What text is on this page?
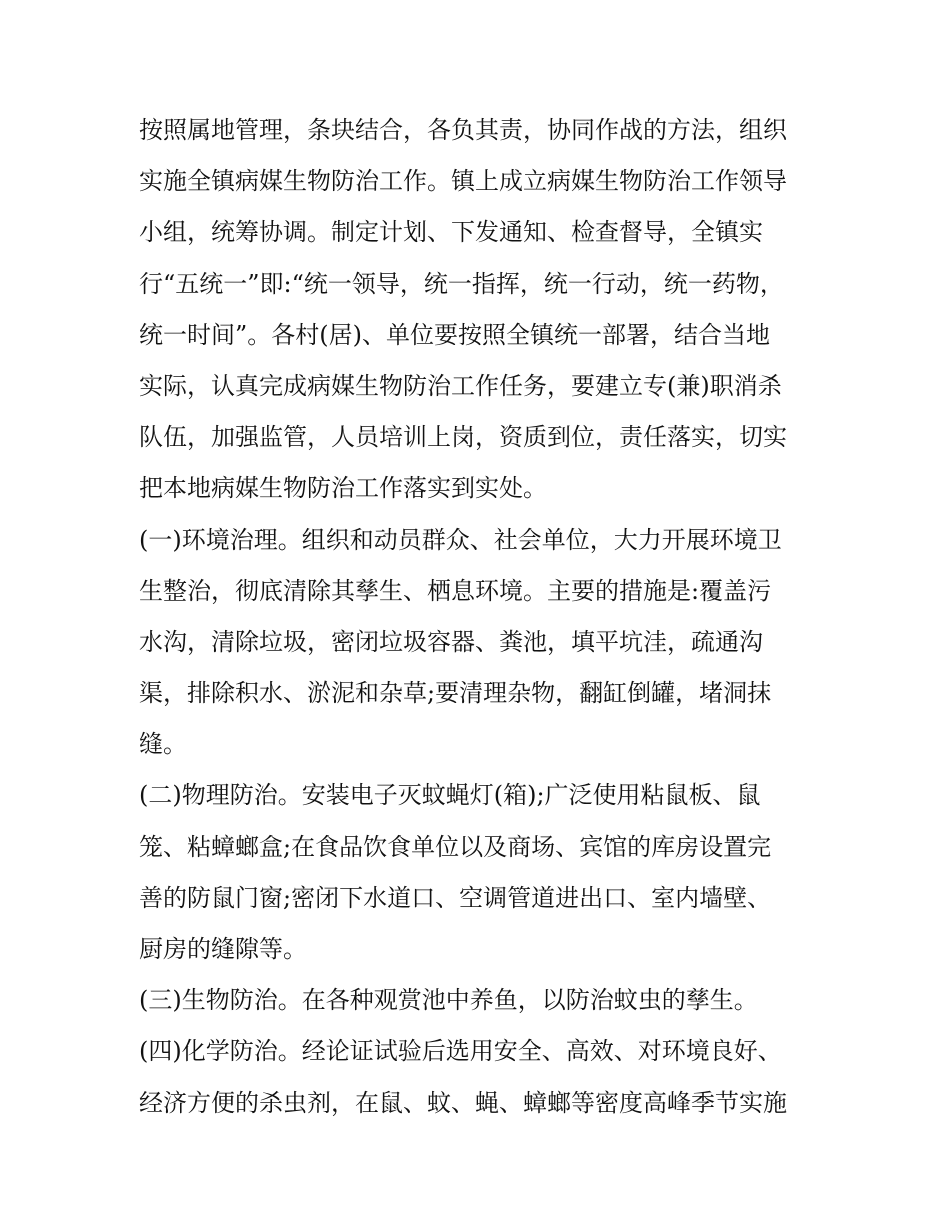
按照属地管理，条块结合，各负其责，协同作战的方法，组织
实施全镇病媒生物防治工作。镇上成立病媒生物防治工作领导
小组，统筹协调。制定计划、下发通知、检查督导，全镇实
行“五统一”即:“统一领导，统一指挥，统一行动，统一药物，
统一时间”。各村(居)、单位要按照全镇统一部署，结合当地
实际，认真完成病媒生物防治工作任务，要建立专(兼)职消杀
队伍，加强监管，人员培训上岗，资质到位，责任落实，切实
把本地病媒生物防治工作落实到实处。
(一)环境治理。组织和动员群众、社会单位，大力开展环境卫
生整治，彻底清除其孳生、栖息环境。主要的措施是:覆盖污
水沟，清除垃圾，密闭垃圾容器、粪池，填平坑洼，疏通沟
渠，排除积水、淤泥和杂草;要清理杂物，翻缸倒罐，堵洞抹
缝。
(二)物理防治。安装电子灭蚊蝇灯(箱);广泛使用粘鼠板、鼠
笼、粘蟑螂盒;在食品饮食单位以及商场、宾馆的库房设置完
善的防鼠门窗;密闭下水道口、空调管道进出口、室内墙壁、
厨房的缝隙等。
(三)生物防治。在各种观赏池中养鱼，以防治蚊虫的孳生。
(四)化学防治。经论证试验后选用安全、高效、对环境良好、
经济方便的杀虫剂，在鼠、蚊、蝇、蟑螂等密度高峰季节实施
